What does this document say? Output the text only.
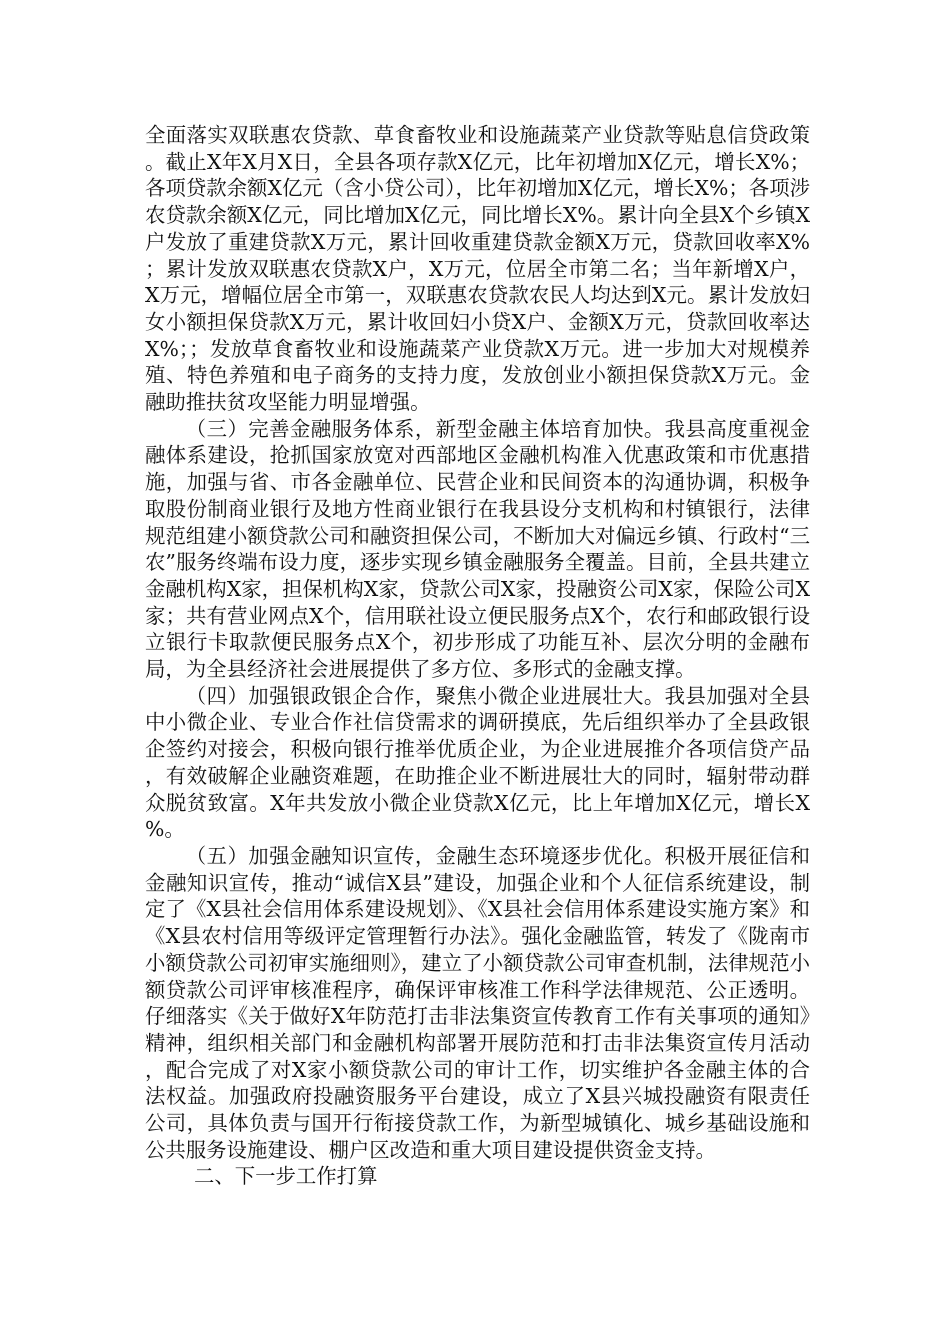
全面落实双联惠农贷款、草食畜牧业和设施蔬菜产业贷款等贴息信贷政策。截止X年X月X日，全县各项存款X亿元，比年初增加X亿元，增长X%；各项贷款余额X亿元（含小贷公司），比年初增加X亿元，增长X%；各项涉农贷款余额X亿元，同比增加X亿元，同比增长X%。累计向全县X个乡镇X户发放了重建贷款X万元，累计回收重建贷款金额X万元，贷款回收率X%；累计发放双联惠农贷款X户，X万元，位居全市第二名；当年新增X户，X万元，增幅位居全市第一，双联惠农贷款农民人均达到X元。累计发放妇女小额担保贷款X万元，累计收回妇小贷X户、金额X万元，贷款回收率达X%；；发放草食畜牧业和设施蔬菜产业贷款X万元。进一步加大对规模养殖、特色养殖和电子商务的支持力度，发放创业小额担保贷款X万元。金融助推扶贫攻坚能力明显增强。

（三）完善金融服务体系，新型金融主体培育加快。我县高度重视金融体系建设，抢抓国家放宽对西部地区金融机构准入优惠政策和市优惠措施，加强与省、市各金融单位、民营企业和民间资本的沟通协调，积极争取股份制商业银行及地方性商业银行在我县设分支机构和村镇银行，法律规范组建小额贷款公司和融资担保公司，不断加大对偏远乡镇、行政村“三农”服务终端布设力度，逐步实现乡镇金融服务全覆盖。目前，全县共建立金融机构X家，担保机构X家，贷款公司X家，投融资公司X家，保险公司X家；共有营业网点X个，信用联社设立便民服务点X个，农行和邮政银行设立银行卡取款便民服务点X个，初步形成了功能互补、层次分明的金融布局，为全县经济社会进展提供了多方位、多形式的金融支撑。

（四）加强银政银企合作，聚焦小微企业进展壮大。我县加强对全县中小微企业、专业合作社信贷需求的调研摸底，先后组织举办了全县政银企签约对接会，积极向银行推举优质企业，为企业进展推介各项信贷产品，有效破解企业融资难题，在助推企业不断进展壮大的同时，辐射带动群众脱贫致富。X年共发放小微企业贷款X亿元，比上年增加X亿元，增长X%。

（五）加强金融知识宣传，金融生态环境逐步优化。积极开展征信和金融知识宣传，推动“诚信X县”建设，加强企业和个人征信系统建设，制定了《X县社会信用体系建设规划》、《X县社会信用体系建设实施方案》和《X县农村信用等级评定管理暂行办法》。强化金融监管，转发了《陇南市小额贷款公司初审实施细则》，建立了小额贷款公司审查机制，法律规范小额贷款公司评审核准程序，确保评审核准工作科学法律规范、公正透明。仔细落实《关于做好X年防范打击非法集资宣传教育工作有关事项的通知》精神，组织相关部门和金融机构部署开展防范和打击非法集资宣传月活动，配合完成了对X家小额贷款公司的审计工作，切实维护各金融主体的合法权益。加强政府投融资服务平台建设，成立了X县兴城投融资有限责任公司，具体负责与国开行衔接贷款工作，为新型城镇化、城乡基础设施和公共服务设施建设、棚户区改造和重大项目建设提供资金支持。

二、下一步工作打算
